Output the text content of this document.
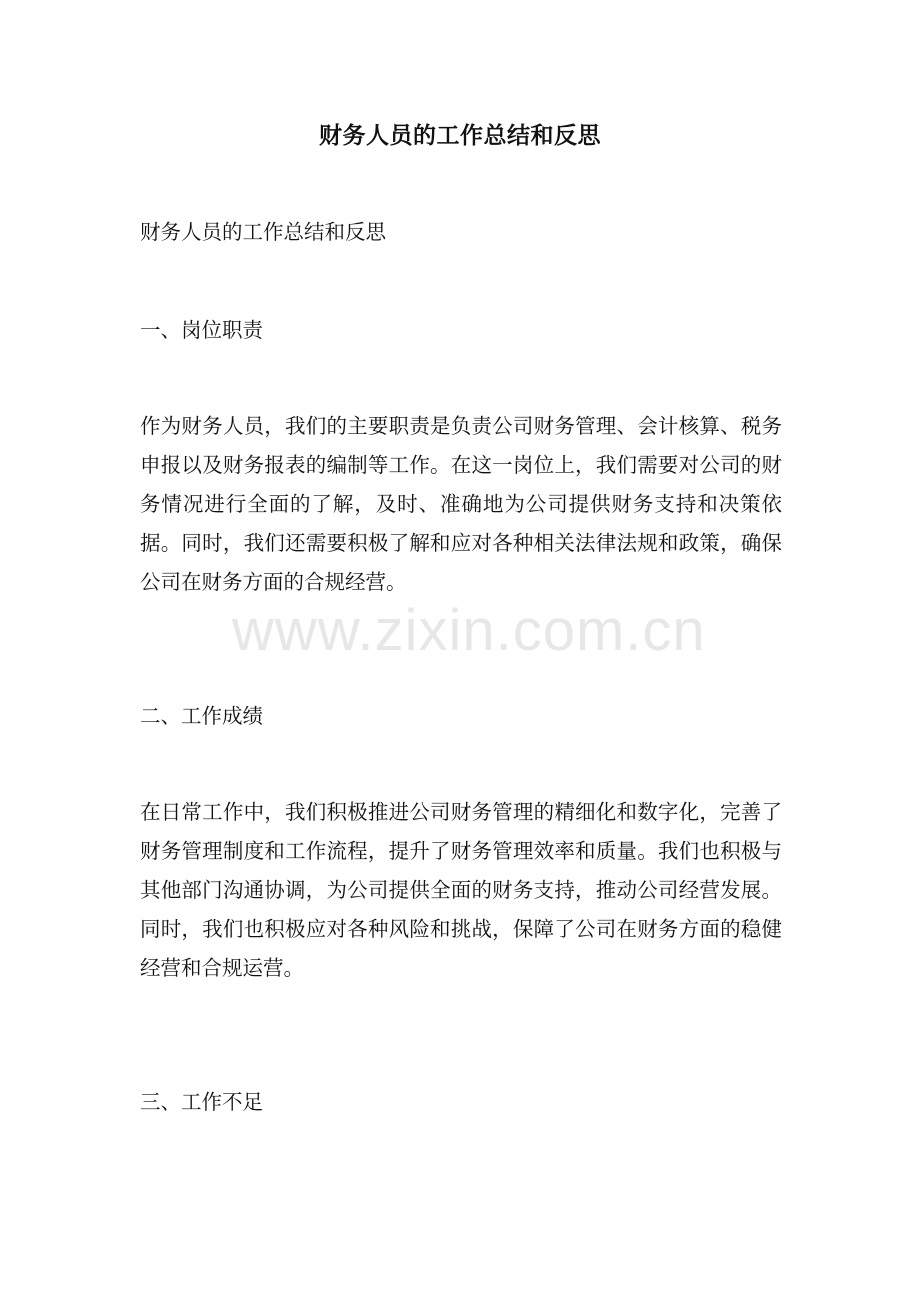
财务人员的工作总结和反思

财务人员的工作总结和反思

一、岗位职责

作为财务人员，我们的主要职责是负责公司财务管理、会计核算、税务申报以及财务报表的编制等工作。在这一岗位上，我们需要对公司的财务情况进行全面的了解，及时、准确地为公司提供财务支持和决策依据。同时，我们还需要积极了解和应对各种相关法律法规和政策，确保公司在财务方面的合规经营。

二、工作成绩

在日常工作中，我们积极推进公司财务管理的精细化和数字化，完善了财务管理制度和工作流程，提升了财务管理效率和质量。我们也积极与其他部门沟通协调，为公司提供全面的财务支持，推动公司经营发展。同时，我们也积极应对各种风险和挑战，保障了公司在财务方面的稳健经营和合规运营。

三、工作不足

www.zixin.com.cn
